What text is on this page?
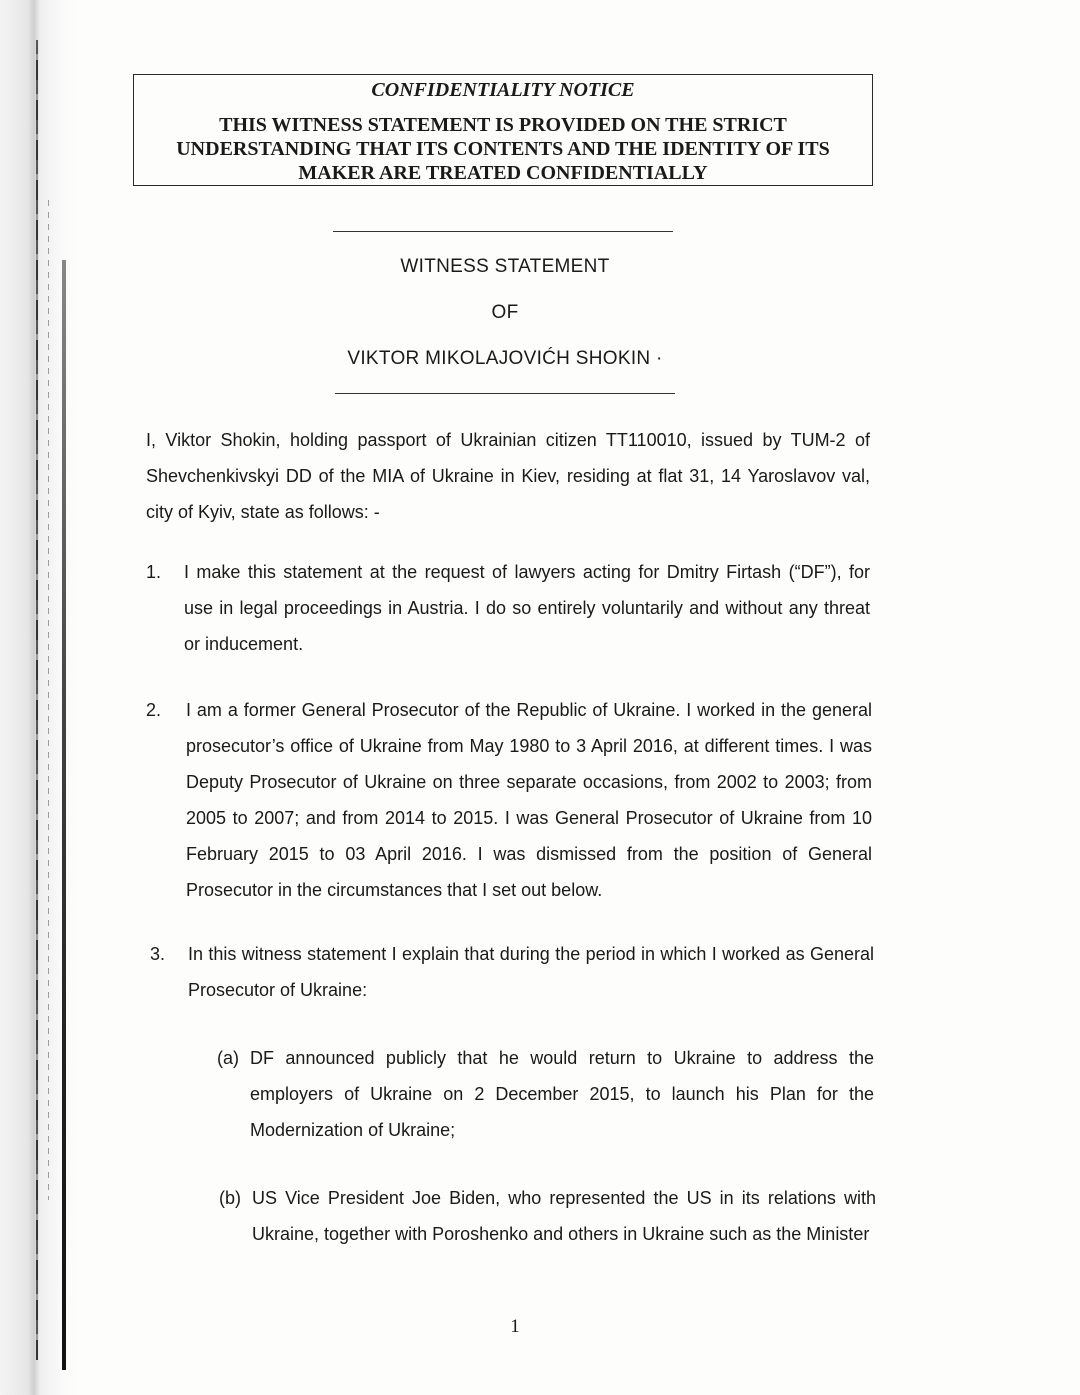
CONFIDENTIALITY NOTICE
THIS WITNESS STATEMENT IS PROVIDED ON THE STRICT
UNDERSTANDING THAT ITS CONTENTS AND THE IDENTITY OF ITS
MAKER ARE TREATED CONFIDENTIALLY
WITNESS STATEMENT
OF
VIKTOR MIKOLAJOVIĆH SHOKIN ·
I, Viktor Shokin, holding passport of Ukrainian citizen TT110010, issued by TUM-2 of Shevchenkivskyi DD of the MIA of Ukraine in Kiev, residing at flat 31, 14 Yaroslavov val, city of Kyiv, state as follows: -
1. I make this statement at the request of lawyers acting for Dmitry Firtash (“DF”), for use in legal proceedings in Austria. I do so entirely voluntarily and without any threat or inducement.
2. I am a former General Prosecutor of the Republic of Ukraine. I worked in the general prosecutor’s office of Ukraine from May 1980 to 3 April 2016, at different times. I was Deputy Prosecutor of Ukraine on three separate occasions, from 2002 to 2003; from 2005 to 2007; and from 2014 to 2015. I was General Prosecutor of Ukraine from 10 February 2015 to 03 April 2016. I was dismissed from the position of General Prosecutor in the circumstances that I set out below.
3. In this witness statement I explain that during the period in which I worked as General Prosecutor of Ukraine:
(a) DF announced publicly that he would return to Ukraine to address the employers of Ukraine on 2 December 2015, to launch his Plan for the Modernization of Ukraine;
(b) US Vice President Joe Biden, who represented the US in its relations with Ukraine, together with Poroshenko and others in Ukraine such as the Minister
1
